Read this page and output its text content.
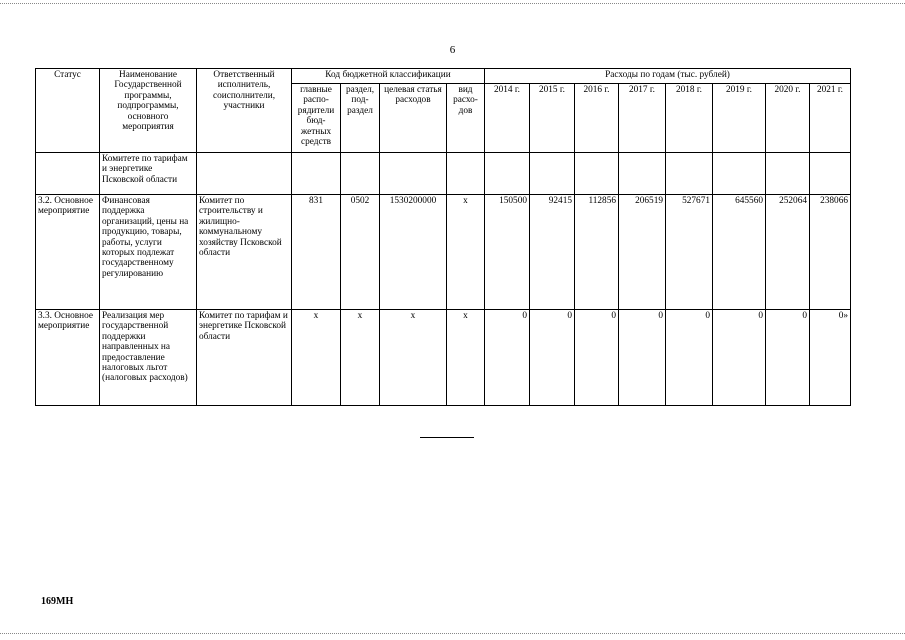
6
Статус	Наименование Государственной программы, подпрограммы, основного мероприятия	Ответственный исполнитель, соисполнители, участники	Код бюджетной классификации				Расходы по годам (тыс. рублей)							
			главные распо-рядители бюд-жетных средств	раздел, под-раздел	целевая статья расходов	вид расхо-дов	2014 г.	2015 г.	2016 г.	2017 г.	2018 г.	2019 г.	2020 г.	2021 г.
	Комитете по тарифам и энергетике Псковской области													
3.2. Основное мероприятие	Финансовая поддержка организаций, цены на продукцию, товары, работы, услуги которых подлежат государственному регулированию	Комитет по строительству и жилищно-коммунальному хозяйству Псковской области	831	0502	1530200000	х	150500	92415	112856	206519	527671	645560	252064	238066
3.3. Основное мероприятие	Реализация мер государственной поддержки направленных на предоставление налоговых льгот (налоговых расходов)	Комитет по тарифам и энергетике Псковской области	х	х	х	х	0	0	0	0	0	0	0	0»
169МН
